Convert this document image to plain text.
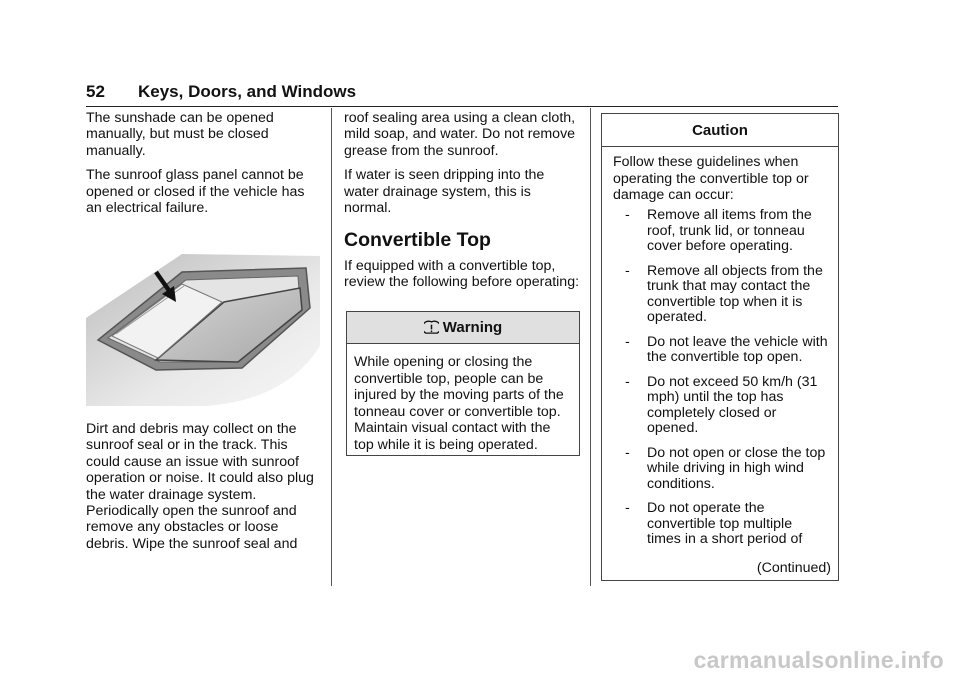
52 Keys, Doors, and Windows

The sunshade can be opened manually, but must be closed manually.

The sunroof glass panel cannot be opened or closed if the vehicle has an electrical failure.

Dirt and debris may collect on the sunroof seal or in the track. This could cause an issue with sunroof operation or noise. It could also plug the water drainage system. Periodically open the sunroof and remove any obstacles or loose debris. Wipe the sunroof seal and

roof sealing area using a clean cloth, mild soap, and water. Do not remove grease from the sunroof.

If water is seen dripping into the water drainage system, this is normal.

Convertible Top

If equipped with a convertible top, review the following before operating:

Warning
While opening or closing the convertible top, people can be injured by the moving parts of the tonneau cover or convertible top. Maintain visual contact with the top while it is being operated.
Caution
Follow these guidelines when operating the convertible top or damage can occur:
‐ Remove all items from the roof, trunk lid, or tonneau cover before operating.
‐ Remove all objects from the trunk that may contact the convertible top when it is operated.
‐ Do not leave the vehicle with the convertible top open.
‐ Do not exceed 50 km/h (31 mph) until the top has completely closed or opened.
‐ Do not open or close the top while driving in high wind conditions.
‐ Do not operate the convertible top multiple times in a short period of
(Continued)
carmanualsonline.info
